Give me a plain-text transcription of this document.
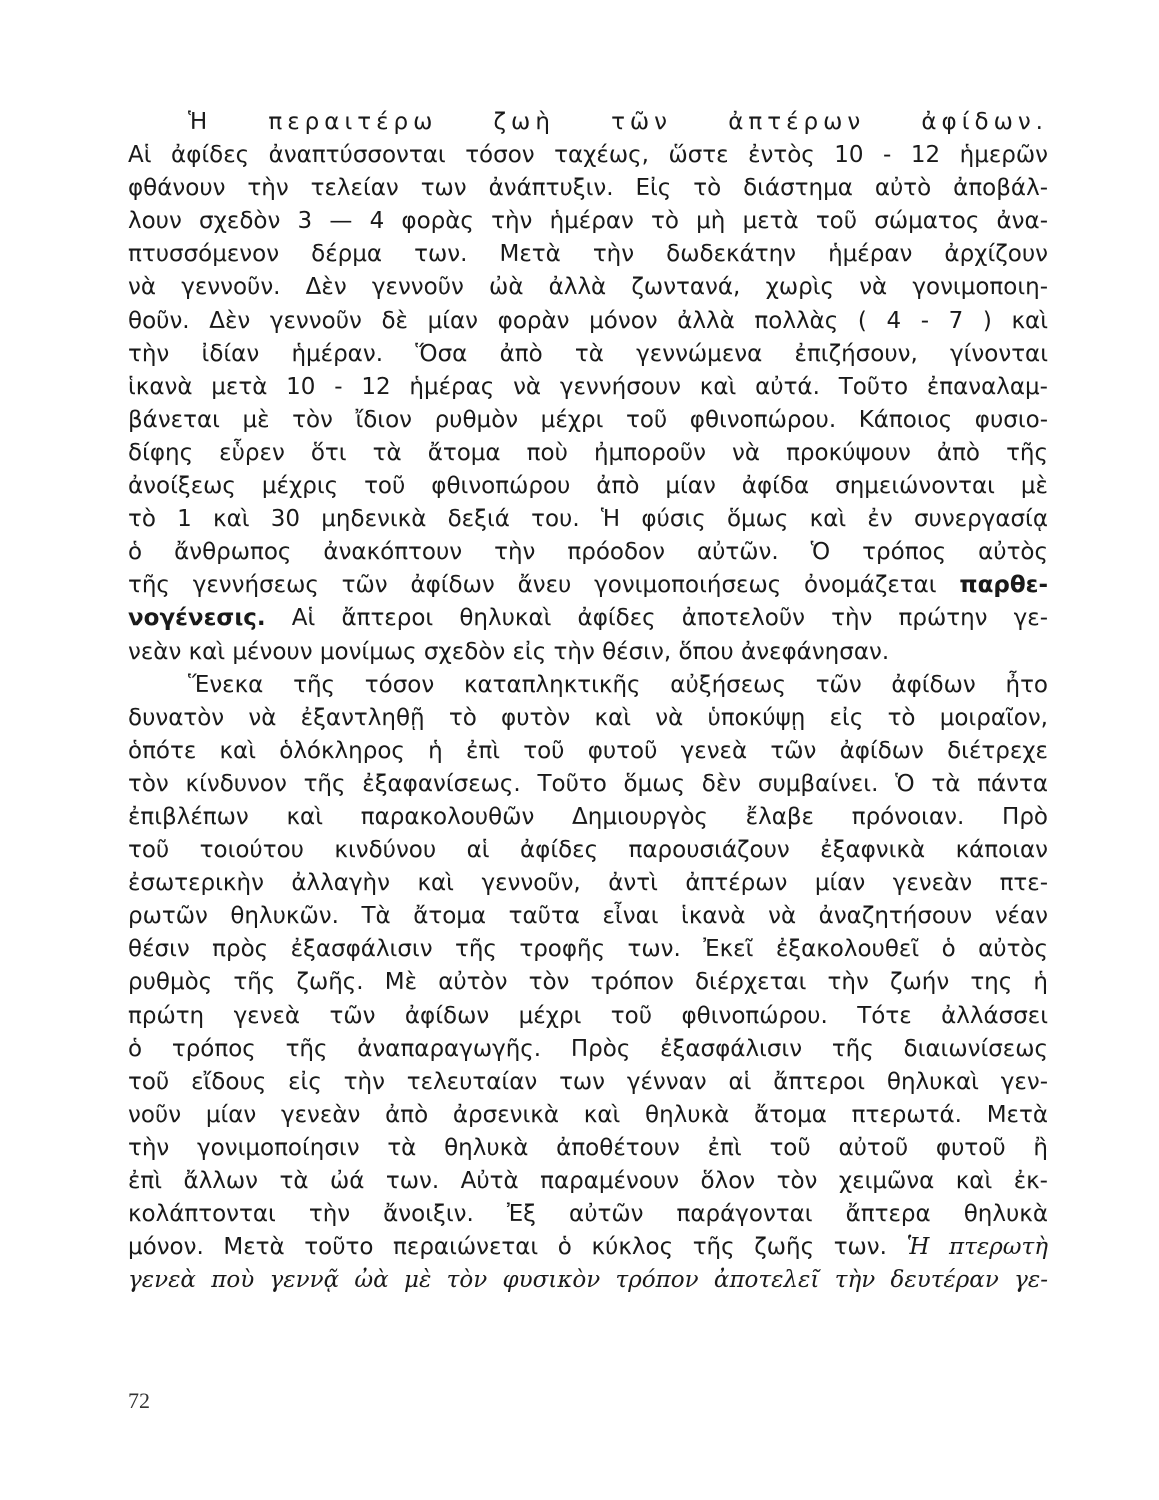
Ἡ περαιτέρω ζωὴ τῶν ἀπτέρων ἀφίδων.
Αἱ ἀφίδες ἀναπτύσσονται τόσον ταχέως, ὥστε ἐντὸς 10 - 12 ἡμερῶν
φθάνουν τὴν τελείαν των ἀνάπτυξιν. Εἰς τὸ διάστημα αὐτὸ ἀποβάλ-
λουν σχεδὸν 3 — 4 φορὰς τὴν ἡμέραν τὸ μὴ μετὰ τοῦ σώματος ἀνα-
πτυσσόμενον δέρμα των. Μετὰ τὴν δωδεκάτην ἡμέραν ἀρχίζουν
νὰ γεννοῦν. Δὲν γεννοῦν ὠὰ ἀλλὰ ζωντανά, χωρὶς νὰ γονιμοποιη-
θοῦν. Δὲν γεννοῦν δὲ μίαν φορὰν μόνον ἀλλὰ πολλὰς ( 4 - 7 ) καὶ
τὴν ἰδίαν ἡμέραν. Ὅσα ἀπὸ τὰ γεννώμενα ἐπιζήσουν, γίνονται
ἱκανὰ μετὰ 10 - 12 ἡμέρας νὰ γεννήσουν καὶ αὐτά. Τοῦτο ἐπαναλαμ-
βάνεται μὲ τὸν ἴδιον ρυθμὸν μέχρι τοῦ φθινοπώρου. Κάποιος φυσιο-
δίφης εὗρεν ὅτι τὰ ἄτομα ποὺ ἠμποροῦν νὰ προκύψουν ἀπὸ τῆς
ἀνοίξεως μέχρις τοῦ φθινοπώρου ἀπὸ μίαν ἀφίδα σημειώνονται μὲ
τὸ 1 καὶ 30 μηδενικὰ δεξιά του. Ἡ φύσις ὅμως καὶ ἐν συνεργασίᾳ
ὁ ἄνθρωπος ἀνακόπτουν τὴν πρόοδον αὐτῶν. Ὁ τρόπος αὐτὸς
τῆς γεννήσεως τῶν ἀφίδων ἄνευ γονιμοποιήσεως ὀνομάζεται παρθε-
νογένεσις. Αἱ ἄπτεροι θηλυκαὶ ἀφίδες ἀποτελοῦν τὴν πρώτην γε-
νεὰν καὶ μένουν μονίμως σχεδὸν εἰς τὴν θέσιν, ὅπου ἀνεφάνησαν.
Ἕνεκα τῆς τόσον καταπληκτικῆς αὐξήσεως τῶν ἀφίδων ἦτο
δυνατὸν νὰ ἐξαντληθῇ τὸ φυτὸν καὶ νὰ ὑποκύψῃ εἰς τὸ μοιραῖον,
ὁπότε καὶ ὁλόκληρος ἡ ἐπὶ τοῦ φυτοῦ γενεὰ τῶν ἀφίδων διέτρεχε
τὸν κίνδυνον τῆς ἐξαφανίσεως. Τοῦτο ὅμως δὲν συμβαίνει. Ὁ τὰ πάντα
ἐπιβλέπων καὶ παρακολουθῶν Δημιουργὸς ἔλαβε πρόνοιαν. Πρὸ
τοῦ τοιούτου κινδύνου αἱ ἀφίδες παρουσιάζουν ἐξαφνικὰ κάποιαν
ἐσωτερικὴν ἀλλαγὴν καὶ γεννοῦν, ἀντὶ ἀπτέρων μίαν γενεὰν πτε-
ρωτῶν θηλυκῶν. Τὰ ἄτομα ταῦτα εἶναι ἱκανὰ νὰ ἀναζητήσουν νέαν
θέσιν πρὸς ἐξασφάλισιν τῆς τροφῆς των. Ἐκεῖ ἐξακολουθεῖ ὁ αὐτὸς
ρυθμὸς τῆς ζωῆς. Μὲ αὐτὸν τὸν τρόπον διέρχεται τὴν ζωήν της ἡ
πρώτη γενεὰ τῶν ἀφίδων μέχρι τοῦ φθινοπώρου. Τότε ἀλλάσσει
ὁ τρόπος τῆς ἀναπαραγωγῆς. Πρὸς ἐξασφάλισιν τῆς διαιωνίσεως
τοῦ εἴδους εἰς τὴν τελευταίαν των γένναν αἱ ἄπτεροι θηλυκαὶ γεν-
νοῦν μίαν γενεὰν ἀπὸ ἀρσενικὰ καὶ θηλυκὰ ἄτομα πτερωτά. Μετὰ
τὴν γονιμοποίησιν τὰ θηλυκὰ ἀποθέτουν ἐπὶ τοῦ αὐτοῦ φυτοῦ ἢ
ἐπὶ ἄλλων τὰ ὠά των. Αὐτὰ παραμένουν ὅλον τὸν χειμῶνα καὶ ἐκ-
κολάπτονται τὴν ἄνοιξιν. Ἐξ αὐτῶν παράγονται ἄπτερα θηλυκὰ
μόνον. Μετὰ τοῦτο περαιώνεται ὁ κύκλος τῆς ζωῆς των. Ἡ πτερωτὴ
γενεὰ ποὺ γεννᾷ ὠὰ μὲ τὸν φυσικὸν τρόπον ἀποτελεῖ τὴν δευτέραν γε-
72
